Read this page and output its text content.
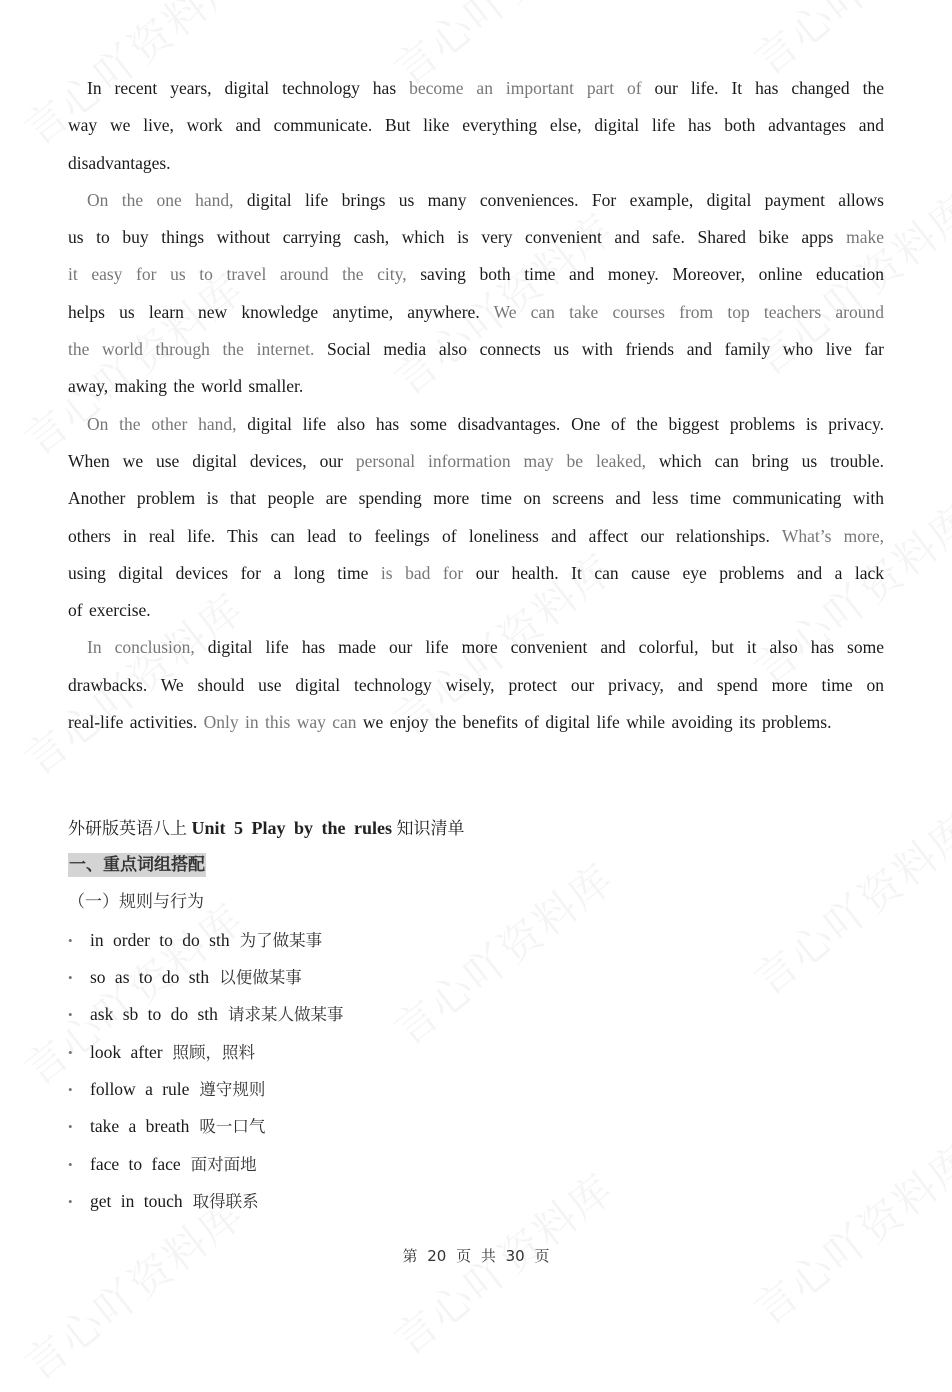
In recent years, digital technology has become an important part of our life. It has changed the
way we live, work and communicate. But like everything else, digital life has both advantages and
disadvantages.
On the one hand, digital life brings us many conveniences. For example, digital payment allows
us to buy things without carrying cash, which is very convenient and safe. Shared bike apps make
it easy for us to travel around the city, saving both time and money. Moreover, online education
helps us learn new knowledge anytime, anywhere. We can take courses from top teachers around
the world through the internet. Social media also connects us with friends and family who live far
away, making the world smaller.
On the other hand, digital life also has some disadvantages. One of the biggest problems is privacy.
When we use digital devices, our personal information may be leaked, which can bring us trouble.
Another problem is that people are spending more time on screens and less time communicating with
others in real life. This can lead to feelings of loneliness and affect our relationships. What’s more,
using digital devices for a long time is bad for our health. It can cause eye problems and a lack
of exercise.
In conclusion, digital life has made our life more convenient and colorful, but it also has some
drawbacks. We should use digital technology wisely, protect our privacy, and spend more time on
real-life activities. Only in this way can we enjoy the benefits of digital life while avoiding its problems.
外研版英语八上 Unit 5 Play by the rules 知识清单
一、重点词组搭配
（一）规则与行为
• in order to do sth 为了做某事
• so as to do sth 以便做某事
• ask sb to do sth 请求某人做某事
• look after 照顾，照料
• follow a rule 遵守规则
• take a breath 吸一口气
• face to face 面对面地
• get in touch 取得联系
第 20 页 共 30 页
